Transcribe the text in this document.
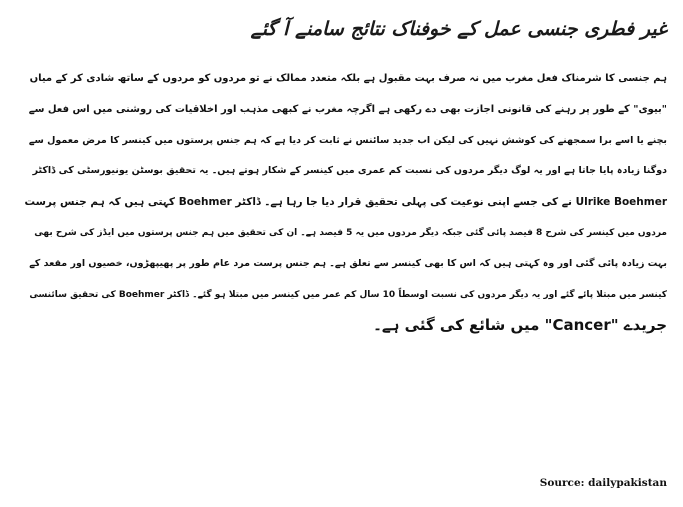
غیر فطری جنسی عمل کے خوفناک نتائج سامنے آ گئے
ہم جنسی کا شرمناک فعل مغرب میں نہ صرف بہت مقبول ہے بلکہ متعدد ممالک نے تو مردوں کو مردوں کے ساتھ شادی کر کے میاں
"بیوی" کے طور پر رہنے کی قانونی اجازت بھی دے رکھی ہے اگرچہ مغرب نے کبھی مذہب اور اخلاقیات کی روشنی میں اس فعل سے
بچنے یا اسے برا سمجھنے کی کوشش نہیں کی لیکن اب جدید سائنس نے ثابت کر دیا ہے کہ ہم جنس پرستوں میں کینسر کا مرض معمول سے
دوگنا زیادہ پایا جاتا ہے اور یہ لوگ دیگر مردوں کی نسبت کم عمری میں کینسر کے شکار ہوتے ہیں۔ یہ تحقیق بوسٹن یونیورسٹی کی ڈاکٹر
Ulrike Boehmer نے کی جسے اپنی نوعیت کی پہلی تحقیق قرار دیا جا رہا ہے۔ ڈاکٹر Boehmer کہتی ہیں کہ ہم جنس پرست
مردوں میں کینسر کی شرح 8 فیصد پائی گئی جبکہ دیگر مردوں میں یہ 5 فیصد ہے۔ ان کی تحقیق میں ہم جنس پرستوں میں ایڈز کی شرح بھی
بہت زیادہ پائی گئی اور وہ کہتی ہیں کہ اس کا بھی کینسر سے تعلق ہے۔ ہم جنس پرست مرد عام طور پر پھیپھڑوں، خصیوں اور مقعد کے
کینسر میں مبتلا پائے گئے اور یہ دیگر مردوں کی نسبت اوسطاً 10 سال کم عمر میں کینسر میں مبتلا ہو گئے۔ ڈاکٹر Boehmer کی تحقیق سائنسی
جریدے "Cancer" میں شائع کی گئی ہے۔
Source: dailypakistan
